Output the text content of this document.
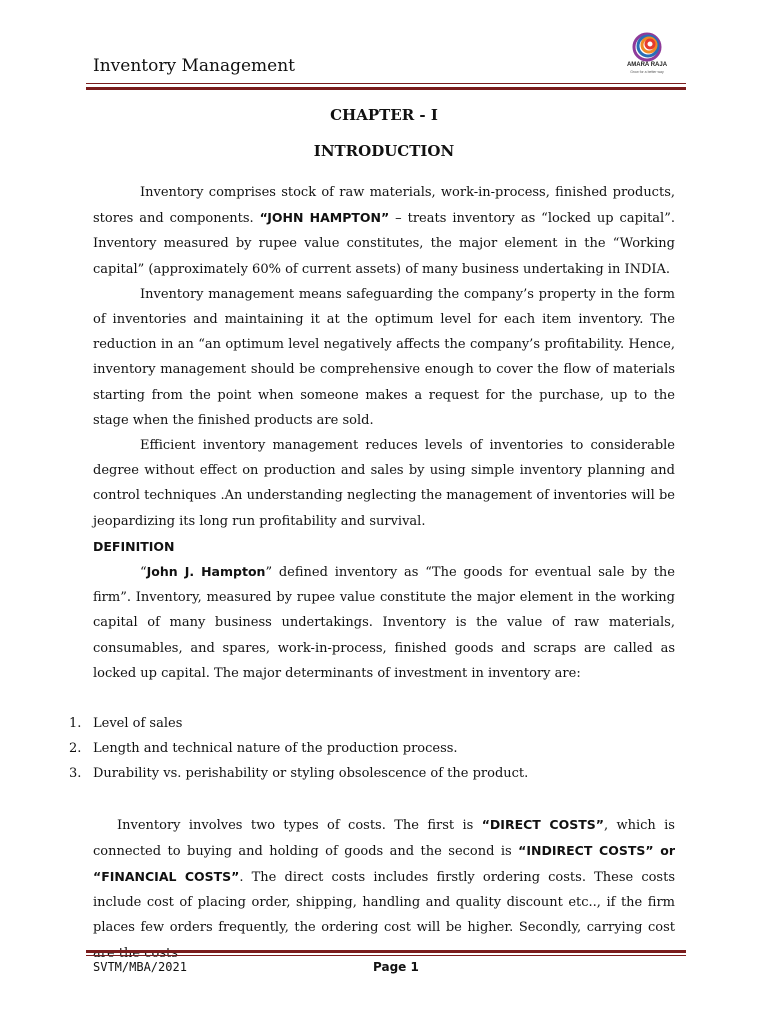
Inventory Management	AMARA RAJA
Grow for a better way
CHAPTER - I
INTRODUCTION

Inventory comprises stock of raw materials, work-in-process, finished products, stores and components. “JOHN HAMPTON” – treats inventory as “locked up capital”. Inventory measured by rupee value constitutes, the major element in the “Working capital” (approximately 60% of current assets) of many business undertaking in INDIA.

Inventory management means safeguarding the company’s property in the form of inventories and maintaining it at the optimum level for each item inventory. The reduction in an “an optimum level negatively affects the company’s profitability. Hence, inventory management should be comprehensive enough to cover the flow of materials starting from the point when someone makes a request for the purchase, up to the stage when the finished products are sold.

Efficient inventory management reduces levels of inventories to considerable degree without effect on production and sales by using simple inventory planning and control techniques .An understanding neglecting the management of inventories will be jeopardizing its long run profitability and survival.

DEFINITION

“John J. Hampton” defined inventory as “The goods for eventual sale by the firm”. Inventory, measured by rupee value constitute the major element in the working capital of many business undertakings. Inventory is the value of raw materials, consumables, and spares, work-in-process, finished goods and scraps are called as locked up capital. The major determinants of investment in inventory are:

1. Level of sales
2. Length and technical nature of the production process.
3. Durability vs. perishability or styling obsolescence of the product.

Inventory involves two types of costs. The first is “DIRECT COSTS”, which is connected to buying and holding of goods and the second is “INDIRECT COSTS” or “FINANCIAL COSTS”. The direct costs includes firstly ordering costs. These costs include cost of placing order, shipping, handling and quality discount etc.., if the firm places few orders frequently, the ordering cost will be higher. Secondly, carrying cost are the costs

SVTM/MBA/2021	Page 1
